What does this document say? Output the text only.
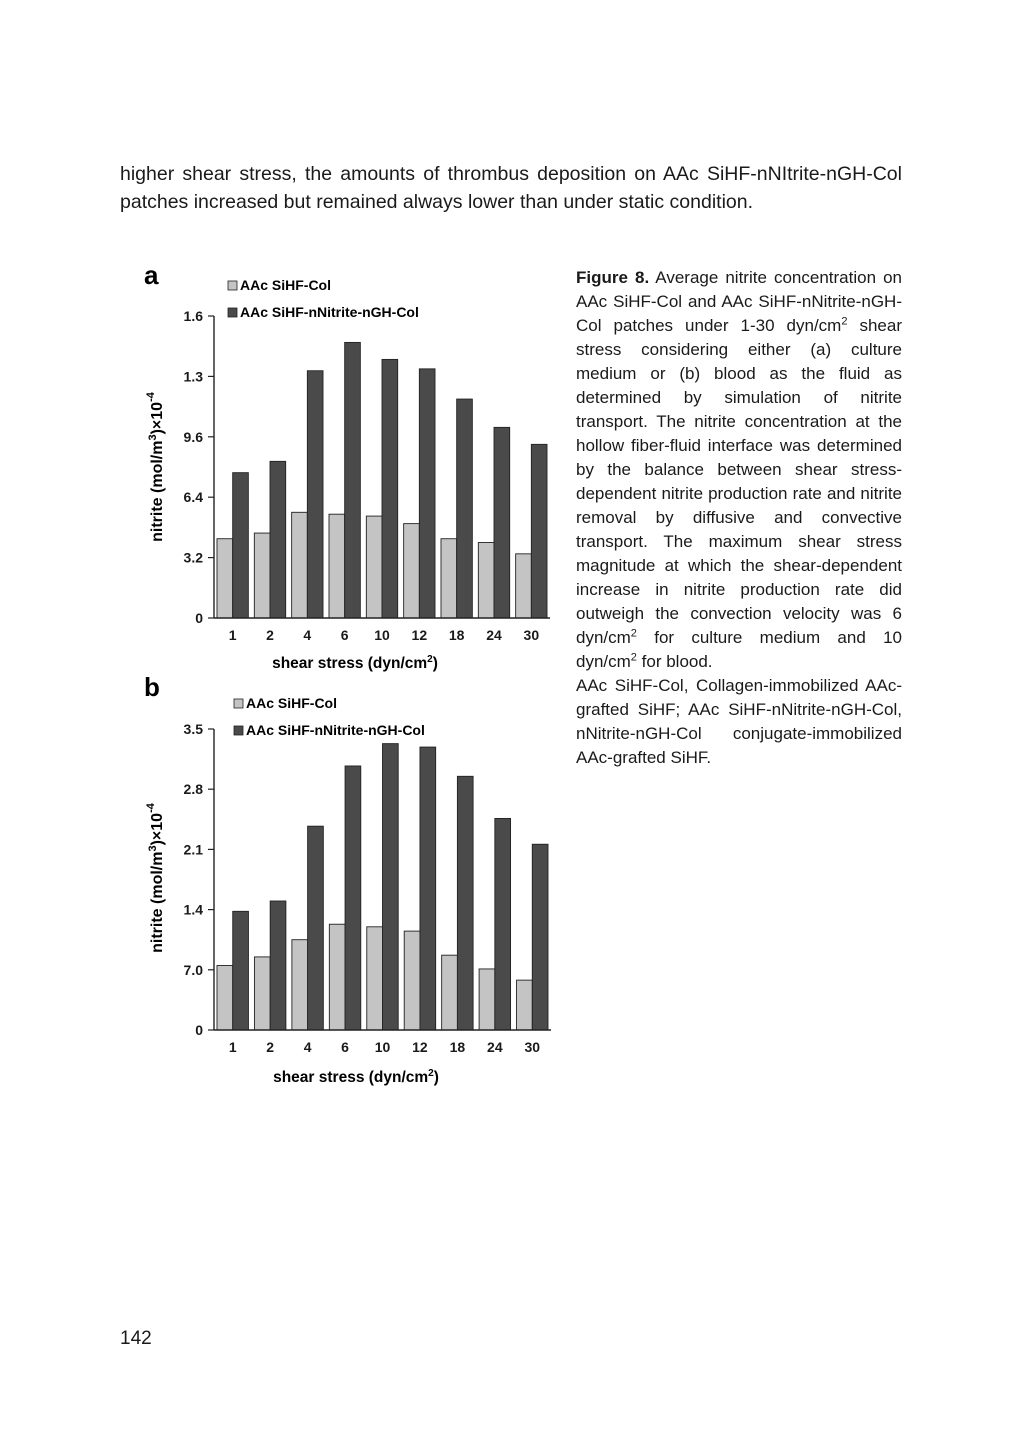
higher shear stress, the amounts of thrombus deposition on AAc SiHF-nNItrite-nGH-Col patches increased but remained always lower than under static condition.

a
0
3.2
6.4
9.6
1.3
1.6
1 2 4 6 10 12 18 24 30
AAc SiHF-Col
AAc SiHF-nNitrite-nGH-Col
shear stress $(dyn/cm^2)$
nitrite $(mol/m^3)\times 10^{-4}$
b
0
7.0
1.4
2.1
2.8
3.5
1 2 4 6 10 12 18 24 30
AAc SiHF-Col
AAc SiHF-nNitrite-nGH-Col
shear stress $(dyn/cm^2)$
nitrite $(mol/m^3)\times 10^{-4}$

Figure 8. Average nitrite concentration on AAc SiHF-Col and AAc SiHF-nNitrite-nGH-Col patches under 1-30 dyn/$cm^2$ shear stress considering either (a) culture medium or (b) blood as the fluid as determined by simulation of nitrite transport. The nitrite concentration at the hollow fiber-fluid interface was determined by the balance between shear stress-dependent nitrite production rate and nitrite removal by diffusive and convective transport. The maximum shear stress magnitude at which the shear-dependent increase in nitrite production rate did outweigh the convection velocity was 6 dyn/$cm^2$ for culture medium and 10 dyn/$cm^2$ for blood.

AAc SiHF-Col, Collagen-immobilized AAc-grafted SiHF; AAc SiHF-nNitrite-nGH-Col, nNitrite-nGH-Col conjugate-immobilized AAc-grafted SiHF.

142
